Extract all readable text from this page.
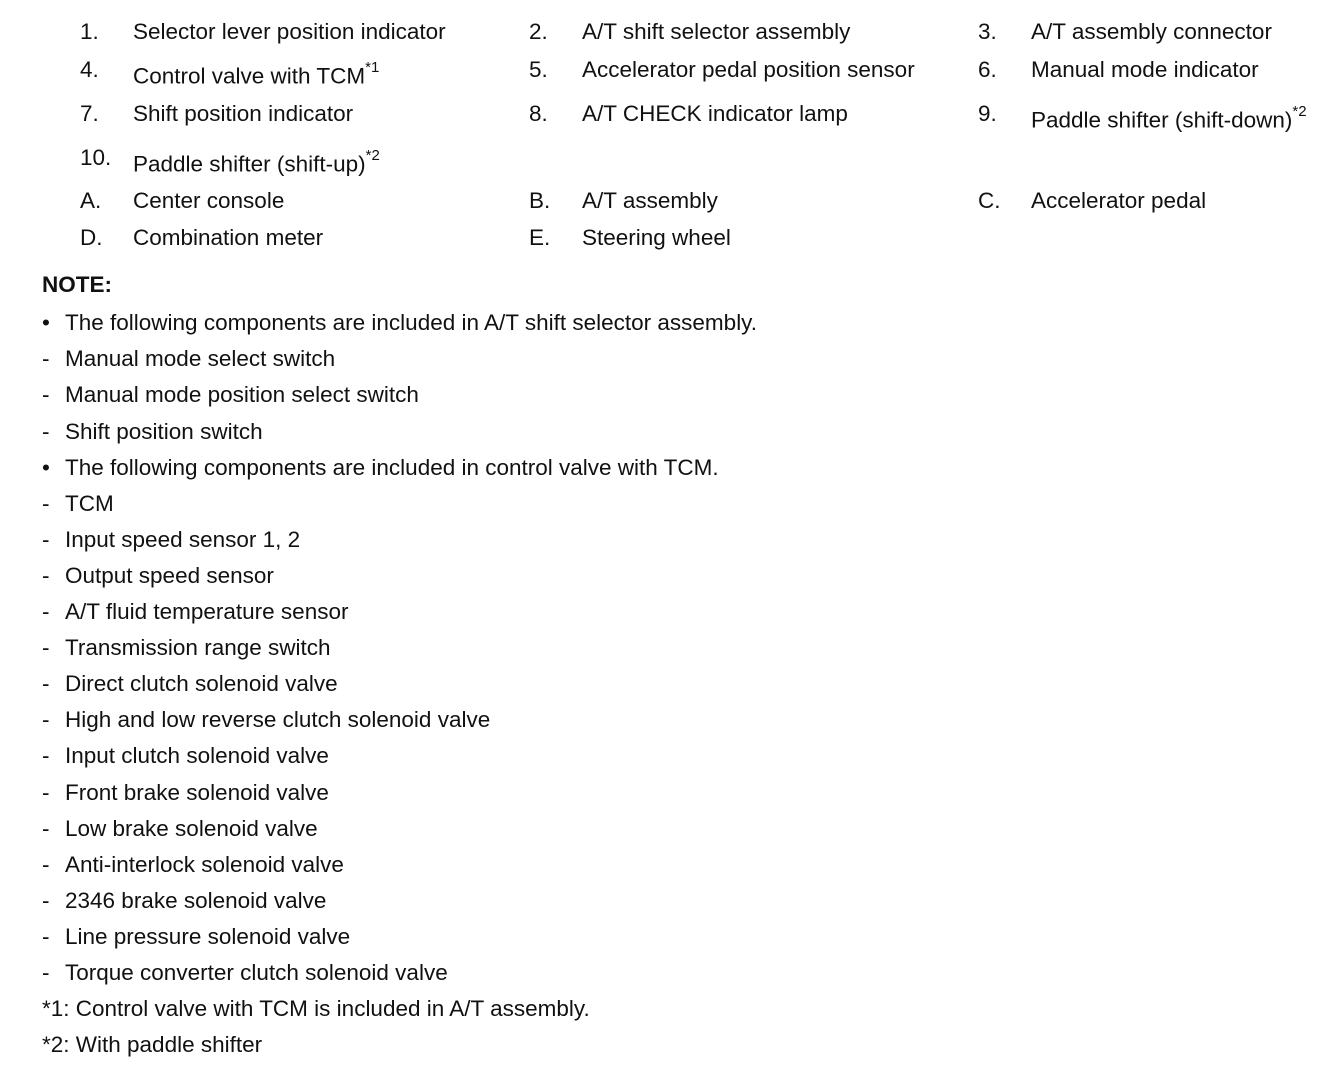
1. Selector lever position indicator	2. A/T shift selector assembly	3. A/T assembly connector
4. Control valve with TCM$^{*1}$	5. Accelerator pedal position sensor	6. Manual mode indicator
7. Shift position indicator	8. A/T CHECK indicator lamp	9. Paddle shifter (shift-down)$^{*2}$
10. Paddle shifter (shift-up)$^{*2}$
A. Center console	B. A/T assembly	C. Accelerator pedal
D. Combination meter	E. Steering wheel
NOTE:
• The following components are included in A/T shift selector assembly.
- Manual mode select switch
- Manual mode position select switch
- Shift position switch
• The following components are included in control valve with TCM.
- TCM
- Input speed sensor 1, 2
- Output speed sensor
- A/T fluid temperature sensor
- Transmission range switch
- Direct clutch solenoid valve
- High and low reverse clutch solenoid valve
- Input clutch solenoid valve
- Front brake solenoid valve
- Low brake solenoid valve
- Anti-interlock solenoid valve
- 2346 brake solenoid valve
- Line pressure solenoid valve
- Torque converter clutch solenoid valve
*1: Control valve with TCM is included in A/T assembly.
*2: With paddle shifter
